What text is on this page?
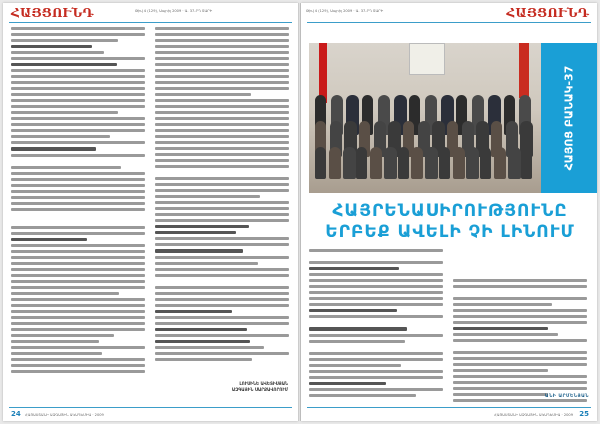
ՀԱՅՑՈՒՆԴ	Թիվ 4 (129), Ապրիլ 2009 · Ա. 37-ՐԴ ՏԱՐԻ
ԼՈՒՍԻՆԵ ԱՎԵՏԻՍՅԱՆ
ԱԶԳԱՅԻՆ ՍԱՐՔԱՎՈՐՈՒՄ
24 ՀԱՅԱՍՏԱՆԻ ԱԶԳԱՅԻՆ ԱԿԱԴԵՄԻԱ · 2009
Թիվ 4 (129), Ապրիլ 2009 · Ա. 37-ՐԴ ՏԱՐԻ	ՀԱՅՑՈՒՆԴ
ՀԱՅՈՑ ԲԱՆԱԿ-37
ՀԱՅՐԵՆԱՍԻՐՈՒԹՅՈՒՆԸ
ԵՐԲԵՔ ԱՎԵԼԻ ՉԻ ԼԻՆՈՒՄ
ԱՆԻ ԱՐՄԵՆՅԱՆ
ՀԱՅԱՍՏԱՆԻ ԱԶԳԱՅԻՆ ԱԿԱԴԵՄԻԱ · 2009 25
